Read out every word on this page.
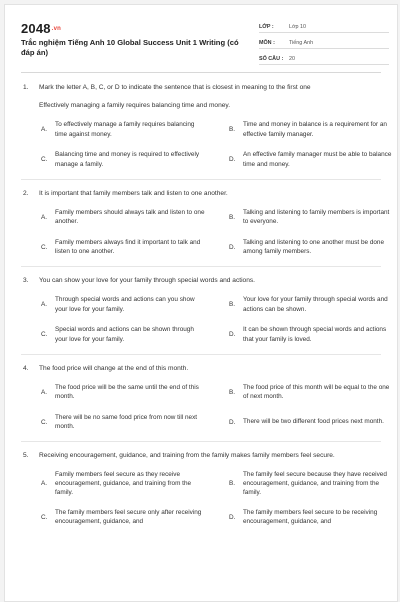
$2048^{.vn}$
Trắc nghiệm Tiếng Anh 10 Global Success Unit 1 Writing (có đáp án)
LỚP :	Lớp 10
MÔN :	Tiếng Anh
SỐ CÂU :	20
1. Mark the letter A, B, C, or D to indicate the sentence that is closest in meaning to the first one
Effectively managing a family requires balancing time and money.
A.
To effectively manage a family requires balancing time against money.
B.
Time and money in balance is a requirement for an effective family manager.
C.
Balancing time and money is required to effectively manage a family.
D.
An effective family manager must be able to balance time and money.
2. It is important that family members talk and listen to one another.
A.
Family members should always talk and listen to one another.
B.
Talking and listening to family members is important to everyone.
C.
Family members always find it important to talk and listen to one another.
D.
Talking and listening to one another must be done among family members.
3. You can show your love for your family through special words and actions.
A.
Through special words and actions can you show your love for your family.
B.
Your love for your family through special words and actions can be shown.
C.
Special words and actions can be shown through your love for your family.
D.
It can be shown through special words and actions that your family is loved.
4. The food price will change at the end of this month.
A.
The food price will be the same until the end of this month.
B.
The food price of this month will be equal to the one of next month.
C.
There will be no same food price from now till next month.
D.	There will be two different food prices next month.
5. Receiving encouragement, guidance, and training from the family makes family members feel secure.
A.
Family members feel secure as they receive encouragement, guidance, and training from the family.
B.
The family feel secure because they have received encouragement, guidance, and training from the family.
C.
The family members feel secure only after receiving encouragement, guidance, and
D.
The family members feel secure to be receiving encouragement, guidance, and
